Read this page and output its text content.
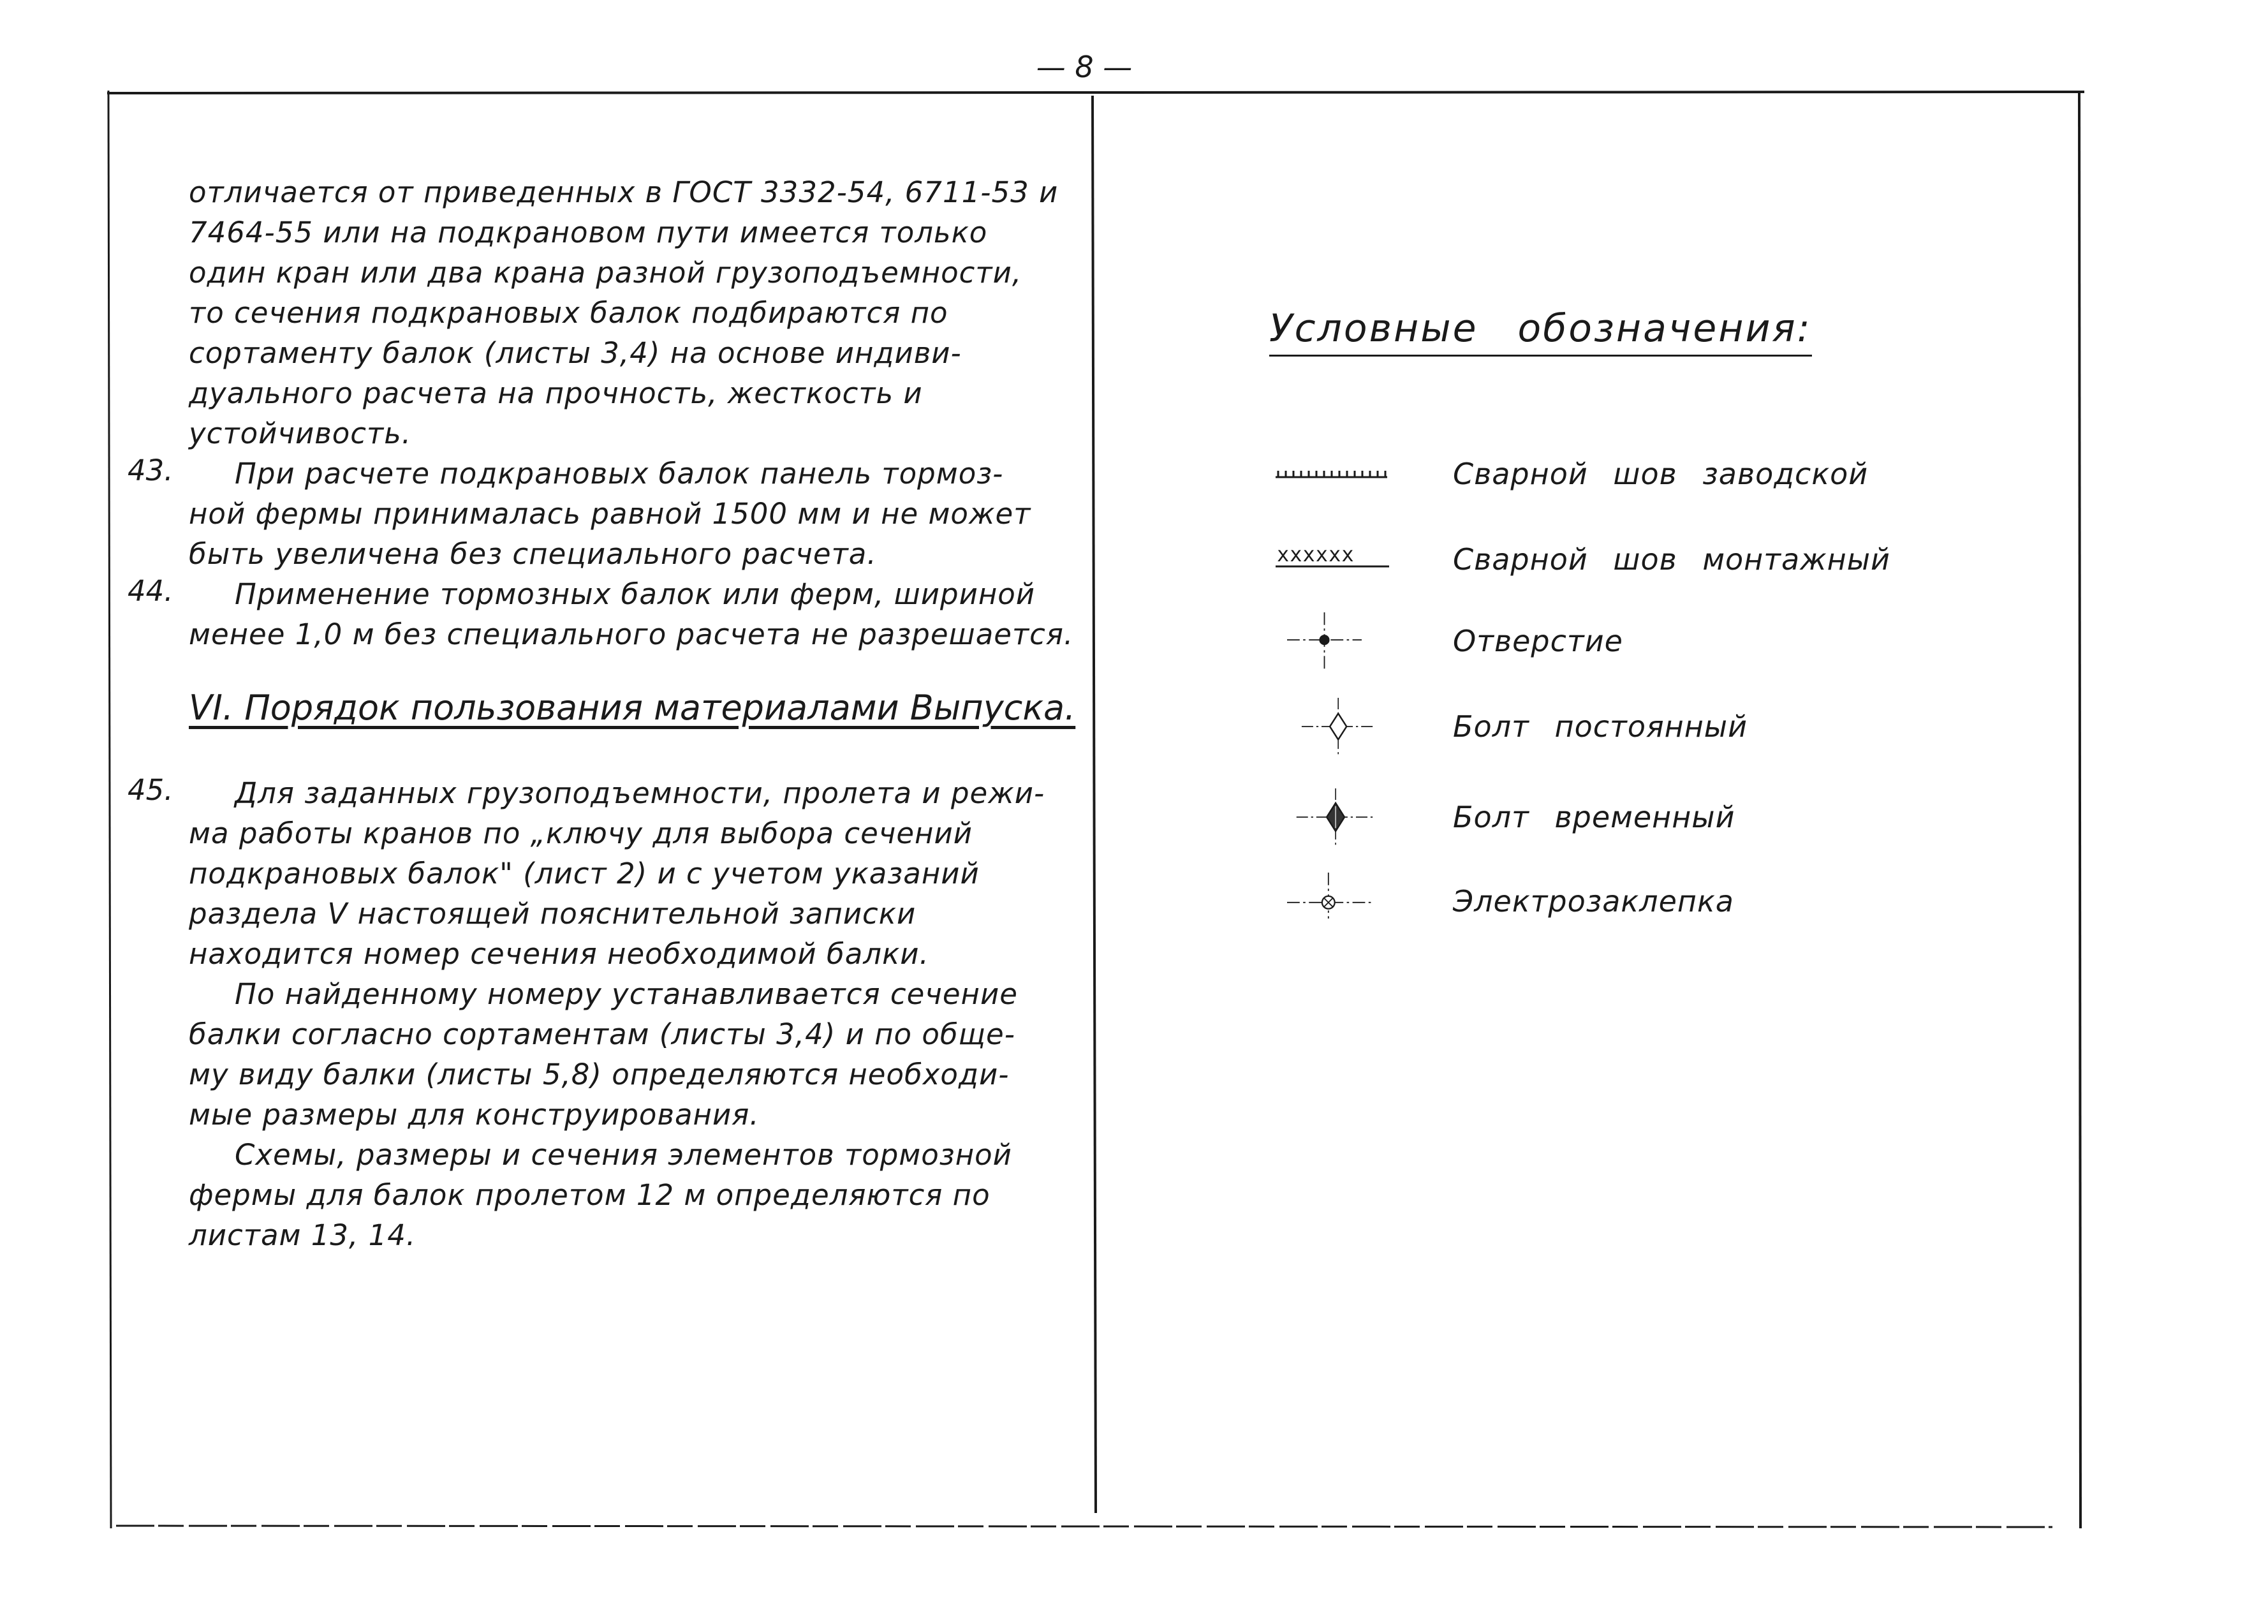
— 8 —
отличается от приведенных в ГОСТ 3332-54, 6711-53 и
7464-55 или на подкрановом пути имеется только
один кран или два крана разной грузоподъемности,
то сечения подкрановых балок подбираются по
сортаменту балок (листы 3,4) на основе индиви-
дуального расчета на прочность, жесткость и
устойчивость.
43.	При расчете подкрановых балок панель тормоз-
ной фермы принималась равной 1500 мм и не может
быть увеличена без специального расчета.
44.	Применение тормозных балок или ферм, шириной
менее 1,0 м без специального расчета не разрешается.
VI. Порядок пользования материалами Выпуска.
45.	Для заданных грузоподъемности, пролета и режи-
ма работы кранов по „ключу для выбора сечений
подкрановых балок" (лист 2) и с учетом указаний
раздела V настоящей пояснительной записки
находится номер сечения необходимой балки.
По найденному номеру устанавливается сечение
балки согласно сортаментам (листы 3,4) и по обще-
му виду балки (листы 5,8) определяются необходи-
мые размеры для конструирования.
Схемы, размеры и сечения элементов тормозной
фермы для балок пролетом 12 м определяются по
листам 13, 14.
Условные обозначения:
Сварной шов заводской
xxxxxx	Сварной шов монтажный
Отверстие
Болт постоянный
Болт временный
Электрозаклепка
